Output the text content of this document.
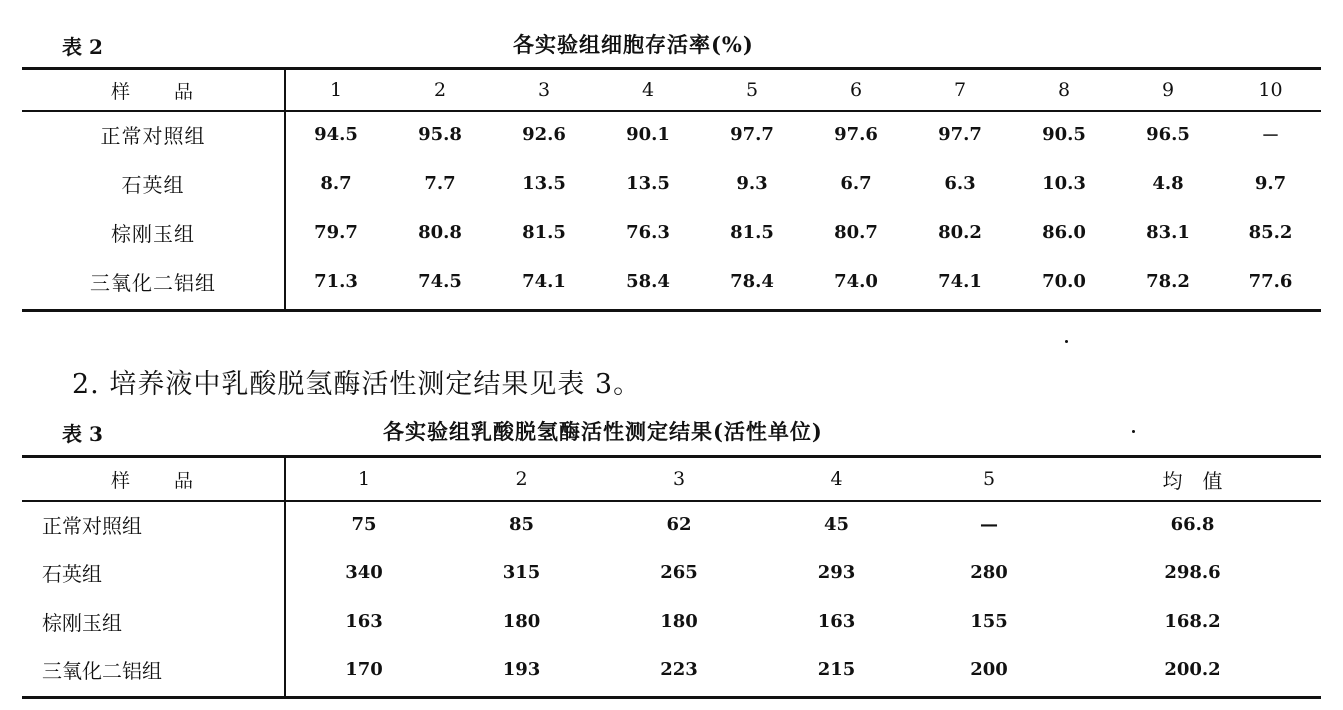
表 2	各实验组细胞存活率(%)
样　　品	1	2	3	4	5	6	7	8	9	10
正常对照组	94.5	95.8	92.6	90.1	97.7	97.6	97.7	90.5	96.5	－
石英组	8.7	7.7	13.5	13.5	9.3	6.7	6.3	10.3	4.8	9.7
棕刚玉组	79.7	80.8	81.5	76.3	81.5	80.7	80.2	86.0	83.1	85.2
三氧化二铝组	71.3	74.5	74.1	58.4	78.4	74.0	74.1	70.0	78.2	77.6
2. 培养液中乳酸脱氢酶活性测定结果见表 3。
表 3	各实验组乳酸脱氢酶活性测定结果(活性单位)
样　　品	1	2	3	4	5	均　值
正常对照组	75	85	62	45	—	66.8
石英组	340	315	265	293	280	298.6
棕刚玉组	163	180	180	163	155	168.2
三氧化二铝组	170	193	223	215	200	200.2
